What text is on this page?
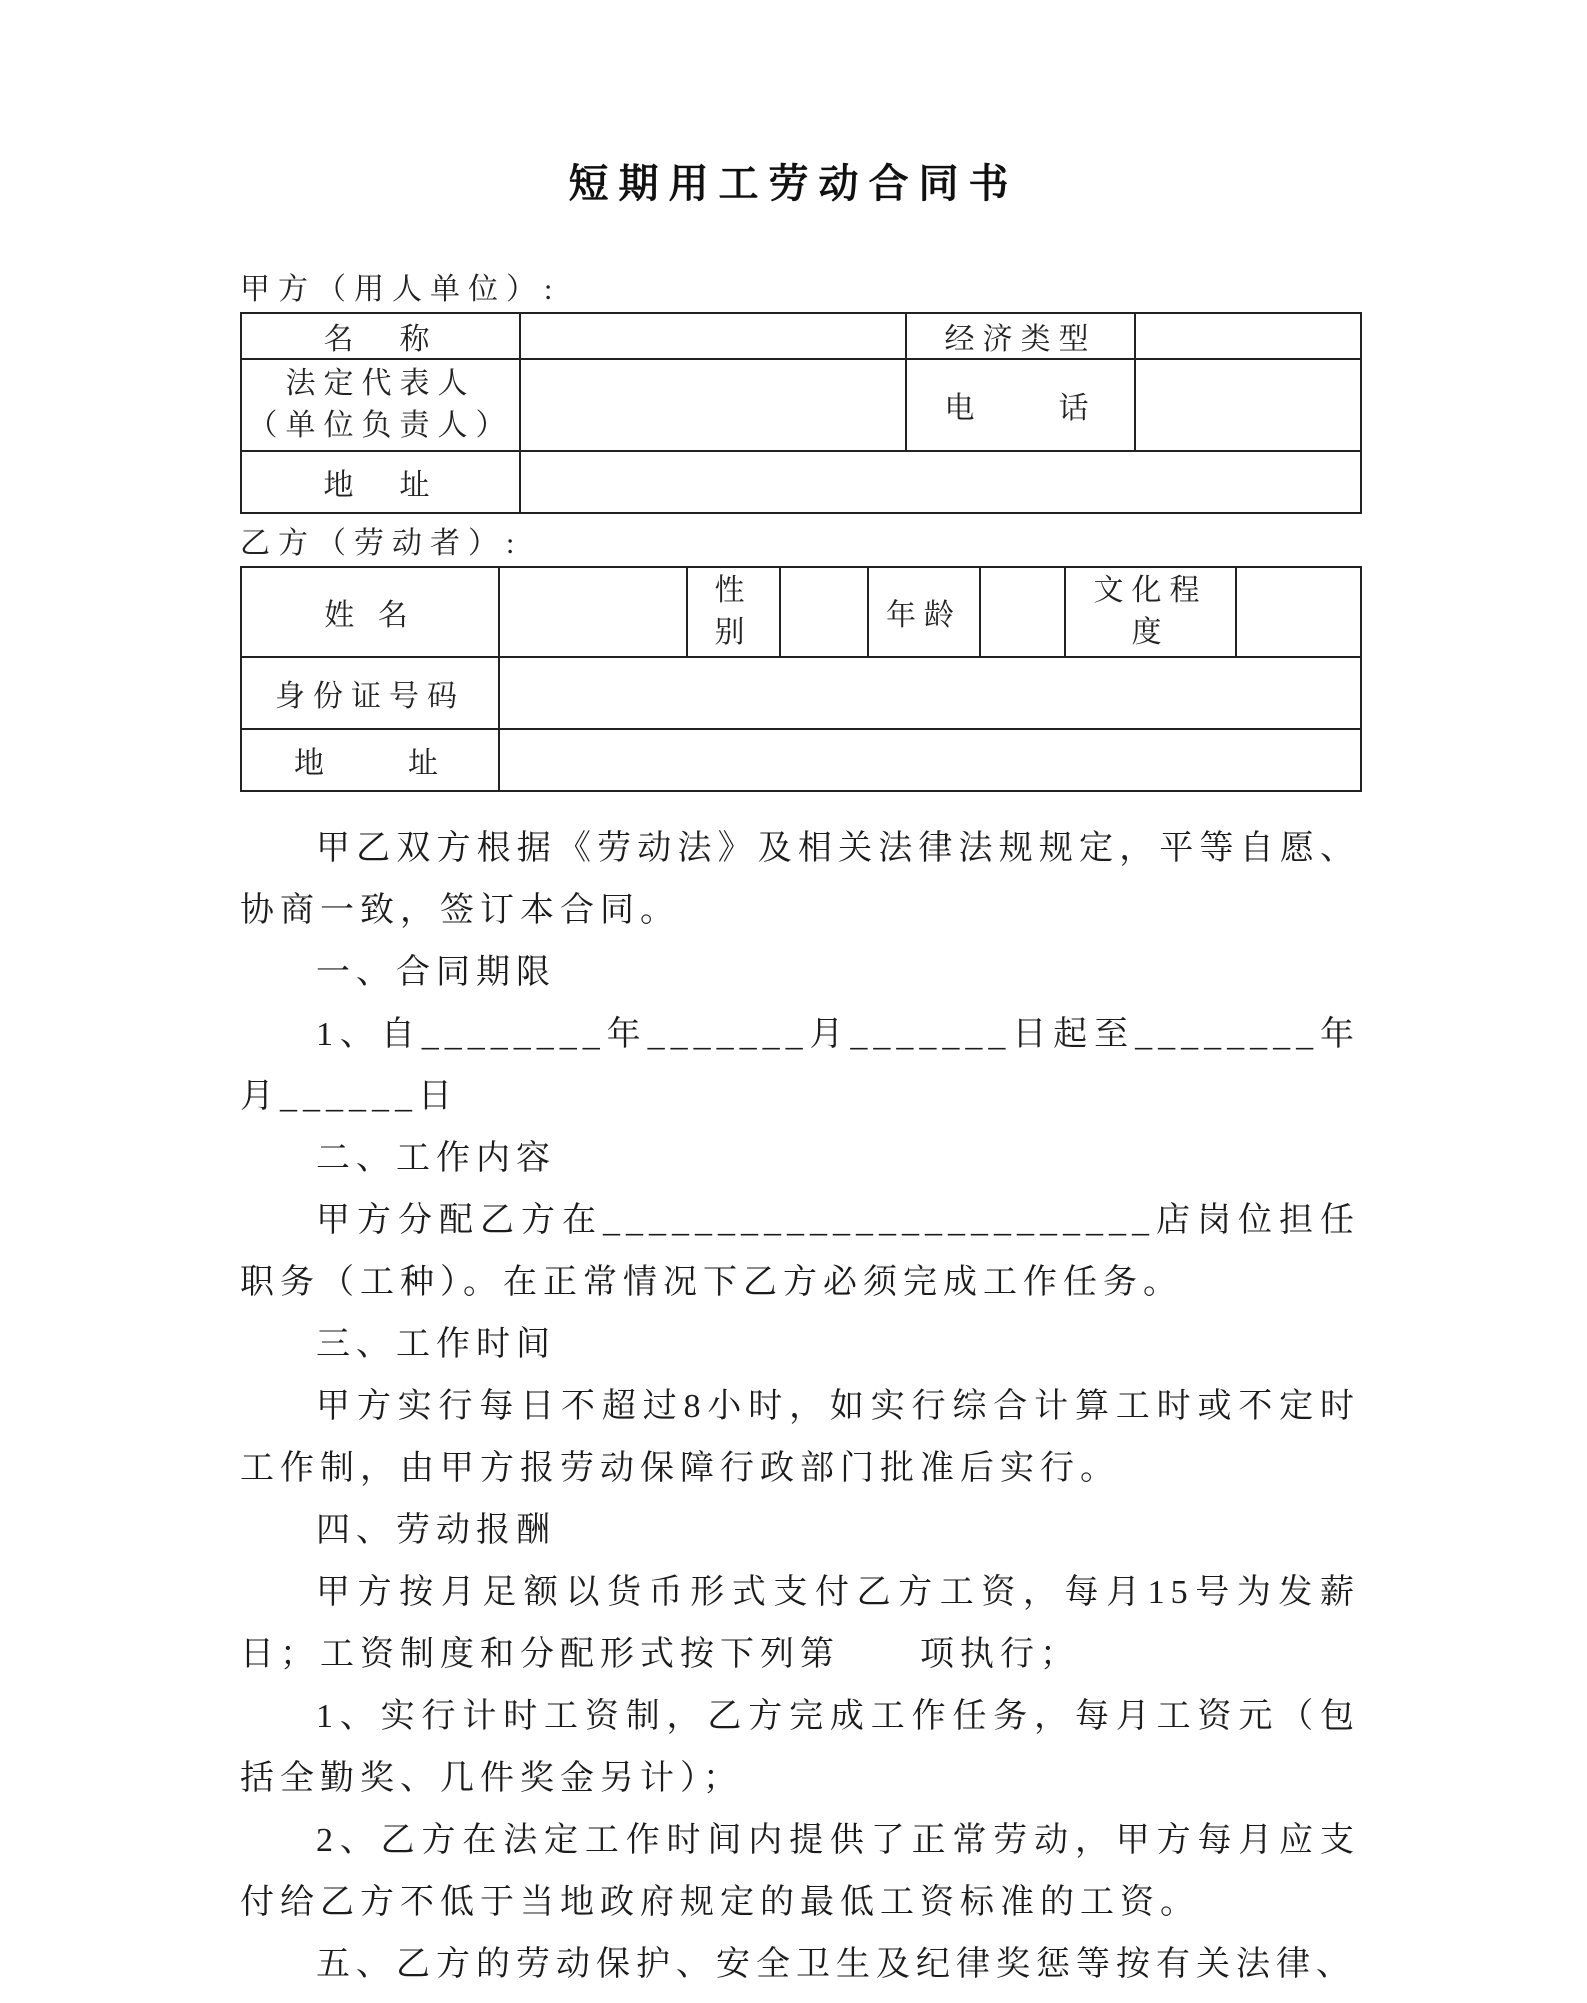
短期用工劳动合同书
甲方（用人单位）:
名　称		经济类型	

法定代表人
（单位负责人）		电　　话	
地　址			
乙方（劳动者）:
姓 名		性别		年龄		文化程度	

身份证号码							
地　　址							

甲乙双方根据《劳动法》及相关法律法规规定，平等自愿、协商一致，签订本合同。

一、合同期限

1、自________年_______月_______日起至________年月______日

二、工作内容

甲方分配乙方在________________________店岗位担任职务（工种）。在正常情况下乙方必须完成工作任务。

三、工作时间

甲方实行每日不超过8小时，如实行综合计算工时或不定时工作制，由甲方报劳动保障行政部门批准后实行。

四、劳动报酬

甲方按月足额以货币形式支付乙方工资，每月15号为发薪日；工资制度和分配形式按下列第　　项执行；

1、实行计时工资制，乙方完成工作任务，每月工资元（包括全勤奖、几件奖金另计）；

2、乙方在法定工作时间内提供了正常劳动，甲方每月应支付给乙方不低于当地政府规定的最低工资标准的工资。

五、乙方的劳动保护、安全卫生及纪律奖惩等按有关法律、
